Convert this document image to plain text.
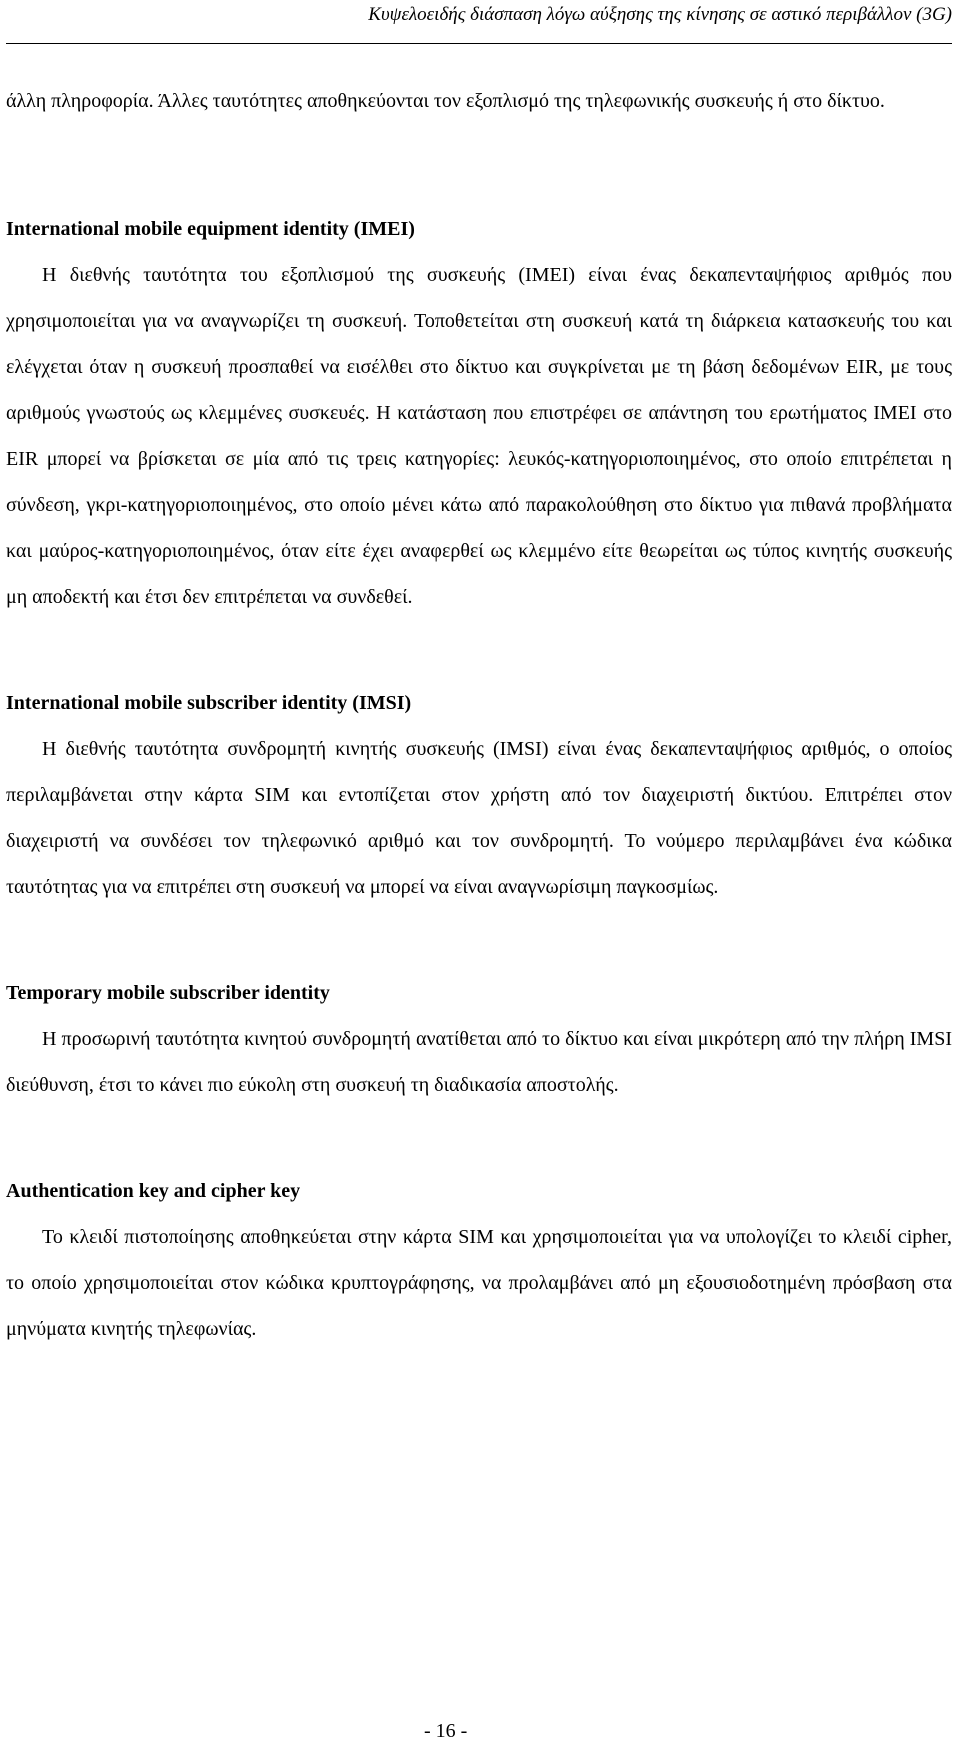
Κυψελοειδής διάσπαση λόγω αύξησης της κίνησης σε αστικό περιβάλλον (3G)

άλλη πληροφορία. Άλλες ταυτότητες αποθηκεύονται τον εξοπλισμό της τηλεφωνικής συσκευής ή στο δίκτυο.

International mobile equipment identity (IMEI)

Η διεθνής ταυτότητα του εξοπλισμού της συσκευής (IMEI) είναι ένας δεκαπενταψήφιος αριθμός που χρησιμοποιείται για να αναγνωρίζει τη συσκευή. Τοποθετείται στη συσκευή κατά τη διάρκεια κατασκευής του και ελέγχεται όταν η συσκευή προσπαθεί να εισέλθει στο δίκτυο και συγκρίνεται με τη βάση δεδομένων EIR, με τους αριθμούς γνωστούς ως κλεμμένες συσκευές. Η κατάσταση που επιστρέφει σε απάντηση του ερωτήματος IMEI στο EIR μπορεί να βρίσκεται σε μία από τις τρεις κατηγορίες: λευκός-κατηγοριοποιημένος, στο οποίο επιτρέπεται η σύνδεση, γκρι-κατηγοριοποιημένος, στο οποίο μένει κάτω από παρακολούθηση στο δίκτυο για πιθανά προβλήματα και μαύρος-κατηγοριοποιημένος, όταν είτε έχει αναφερθεί ως κλεμμένο είτε θεωρείται ως τύπος κινητής συσκευής μη αποδεκτή και έτσι δεν επιτρέπεται να συνδεθεί.

International mobile subscriber identity (IMSI)

Η διεθνής ταυτότητα συνδρομητή κινητής συσκευής (IMSI) είναι ένας δεκαπενταψήφιος αριθμός, ο οποίος περιλαμβάνεται στην κάρτα SIM και εντοπίζεται στον χρήστη από τον διαχειριστή δικτύου. Επιτρέπει στον διαχειριστή να συνδέσει τον τηλεφωνικό αριθμό και τον συνδρομητή. Το νούμερο περιλαμβάνει ένα κώδικα ταυτότητας για να επιτρέπει στη συσκευή να μπορεί να είναι αναγνωρίσιμη παγκοσμίως.

Temporary mobile subscriber identity

Η προσωρινή ταυτότητα κινητού συνδρομητή ανατίθεται από το δίκτυο και είναι μικρότερη από την πλήρη IMSI διεύθυνση, έτσι το κάνει πιο εύκολη στη συσκευή τη διαδικασία αποστολής.

Authentication key and cipher key

Το κλειδί πιστοποίησης αποθηκεύεται στην κάρτα SIM και χρησιμοποιείται για να υπολογίζει το κλειδί cipher, το οποίο χρησιμοποιείται στον κώδικα κρυπτογράφησης, να προλαμβάνει από μη εξουσιοδοτημένη πρόσβαση στα μηνύματα κινητής τηλεφωνίας.

- 16 -
